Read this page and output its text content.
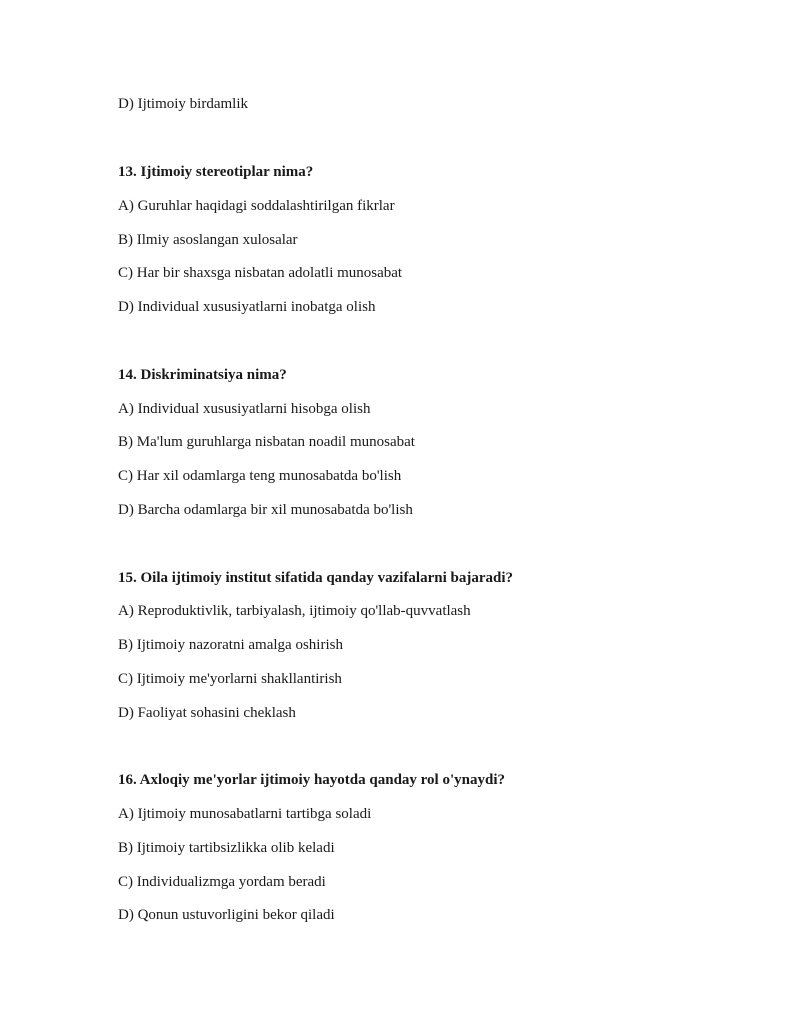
D) Ijtimoiy birdamlik
13. Ijtimoiy stereotiplar nima?
A) Guruhlar haqidagi soddalashtirilgan fikrlar
B) Ilmiy asoslangan xulosalar
C) Har bir shaxsga nisbatan adolatli munosabat
D) Individual xususiyatlarni inobatga olish
14. Diskriminatsiya nima?
A) Individual xususiyatlarni hisobga olish
B) Ma'lum guruhlarga nisbatan noadil munosabat
C) Har xil odamlarga teng munosabatda bo'lish
D) Barcha odamlarga bir xil munosabatda bo'lish
15. Oila ijtimoiy institut sifatida qanday vazifalarni bajaradi?
A) Reproduktivlik, tarbiyalash, ijtimoiy qo'llab-quvvatlash
B) Ijtimoiy nazoratni amalga oshirish
C) Ijtimoiy me'yorlarni shakllantirish
D) Faoliyat sohasini cheklash
16. Axloqiy me'yorlar ijtimoiy hayotda qanday rol o'ynaydi?
A) Ijtimoiy munosabatlarni tartibga soladi
B) Ijtimoiy tartibsizlikka olib keladi
C) Individualizmga yordam beradi
D) Qonun ustuvorligini bekor qiladi
